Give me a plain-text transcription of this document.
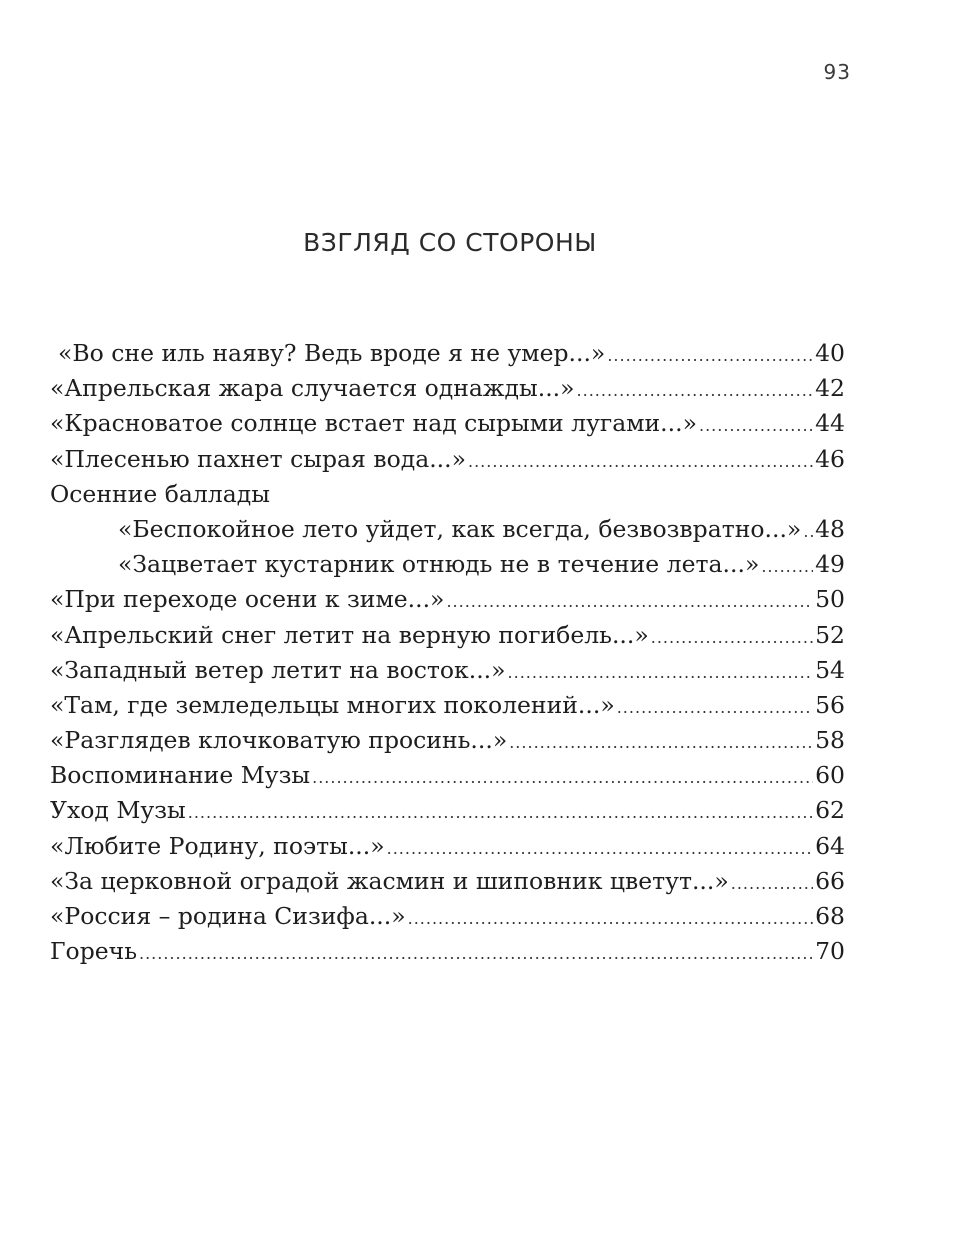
93
ВЗГЛЯД СО СТОРОНЫ
«Во сне иль наяву? Ведь вроде я не умер...» .....	40
«Апрельская жара случается однажды...» .....	42
«Красноватое солнце встает над сырыми лугами...» .....	44
«Плесенью пахнет сырая вода...» .....	46
Осенние баллады
«Беспокойное лето уйдет, как всегда, безвозвратно...» ..... 48
«Зацветает кустарник отнюдь не в течение лета...» ..... 49
«При переходе осени к зиме...» .....	50
«Апрельский снег летит на верную погибель...» .....	52
«Западный ветер летит на восток...» .....	54
«Там, где земледельцы многих поколений...» .....	56
«Разглядев клочковатую просинь...» .....	58
Воспоминание Музы .....	60
Уход Музы .....	62
«Любите Родину, поэты...» .....	64
«За церковной оградой жасмин и шиповник цветут...» .....	66
«Россия – родина Сизифа...» .....	68
Горечь .....	70
